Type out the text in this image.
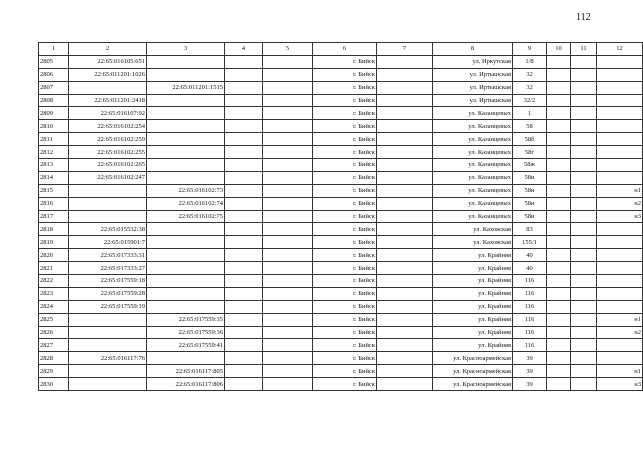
112
1	2	3	4	5	6	7	8	9	10	11	12
2805	22:65:016105:651				г. Бийск		ул. Иркутская	1/8			
2806	22:65:011201:1026				г. Бийск		ул. Иртышская	32			
2807		22:65:011201:1515			г. Бийск		ул. Иртышская	32			
2808	22:65:011201:2418				г. Бийск		ул. Иртышская	32/2			
2809	22:65:016107:92				г. Бийск		ул. Казанцевых	1			
2810	22:65:016102:254				г. Бийск		ул. Казанцевых	58			
2811	22:65:016102:259				г. Бийск		ул. Казанцевых	58б			
2812	22:65:016102:255				г. Бийск		ул. Казанцевых	58г			
2813	22:65:016102:265				г. Бийск		ул. Казанцевых	58ж			
2814	22:65:016102:247				г. Бийск		ул. Казанцевых	58и			
2815		22:65:016102:73			г. Бийск		ул. Казанцевых	58и			н1
2816		22:65:016102:74			г. Бийск		ул. Казанцевых	58и			н2
2817		22:65:016102:75			г. Бийск		ул. Казанцевых	58и			н3
2818	22:65:015532:38				г. Бийск		ул. Каховская	83			
2819	22:65:015901:7				г. Бийск		ул. Каховская	155/1			
2820	22:65:017333:31				г. Бийск		ул. Крайняя	40			
2821	22:65:017333:27				г. Бийск		ул. Крайняя	40			
2822	22:65:017559:18				г. Бийск		ул. Крайняя	116			
2823	22:65:017559:28				г. Бийск		ул. Крайняя	116			
2824	22:65:017559:19				г. Бийск		ул. Крайняя	116			
2825		22:65:017559:35			г. Бийск		ул. Крайняя	116			н1
2826		22:65:017559:36			г. Бийск		ул. Крайняя	116			н2
2827		22:65:017559:41			г. Бийск		ул. Крайняя	116			
2828	22:65:016117:76				г. Бийск		ул. Красноармейская	39			
2829		22:65:016117:805			г. Бийск		ул. Красноармейская	39			н1
2830		22:65:016117:806			г. Бийск		ул. Красноармейская	39			н3
